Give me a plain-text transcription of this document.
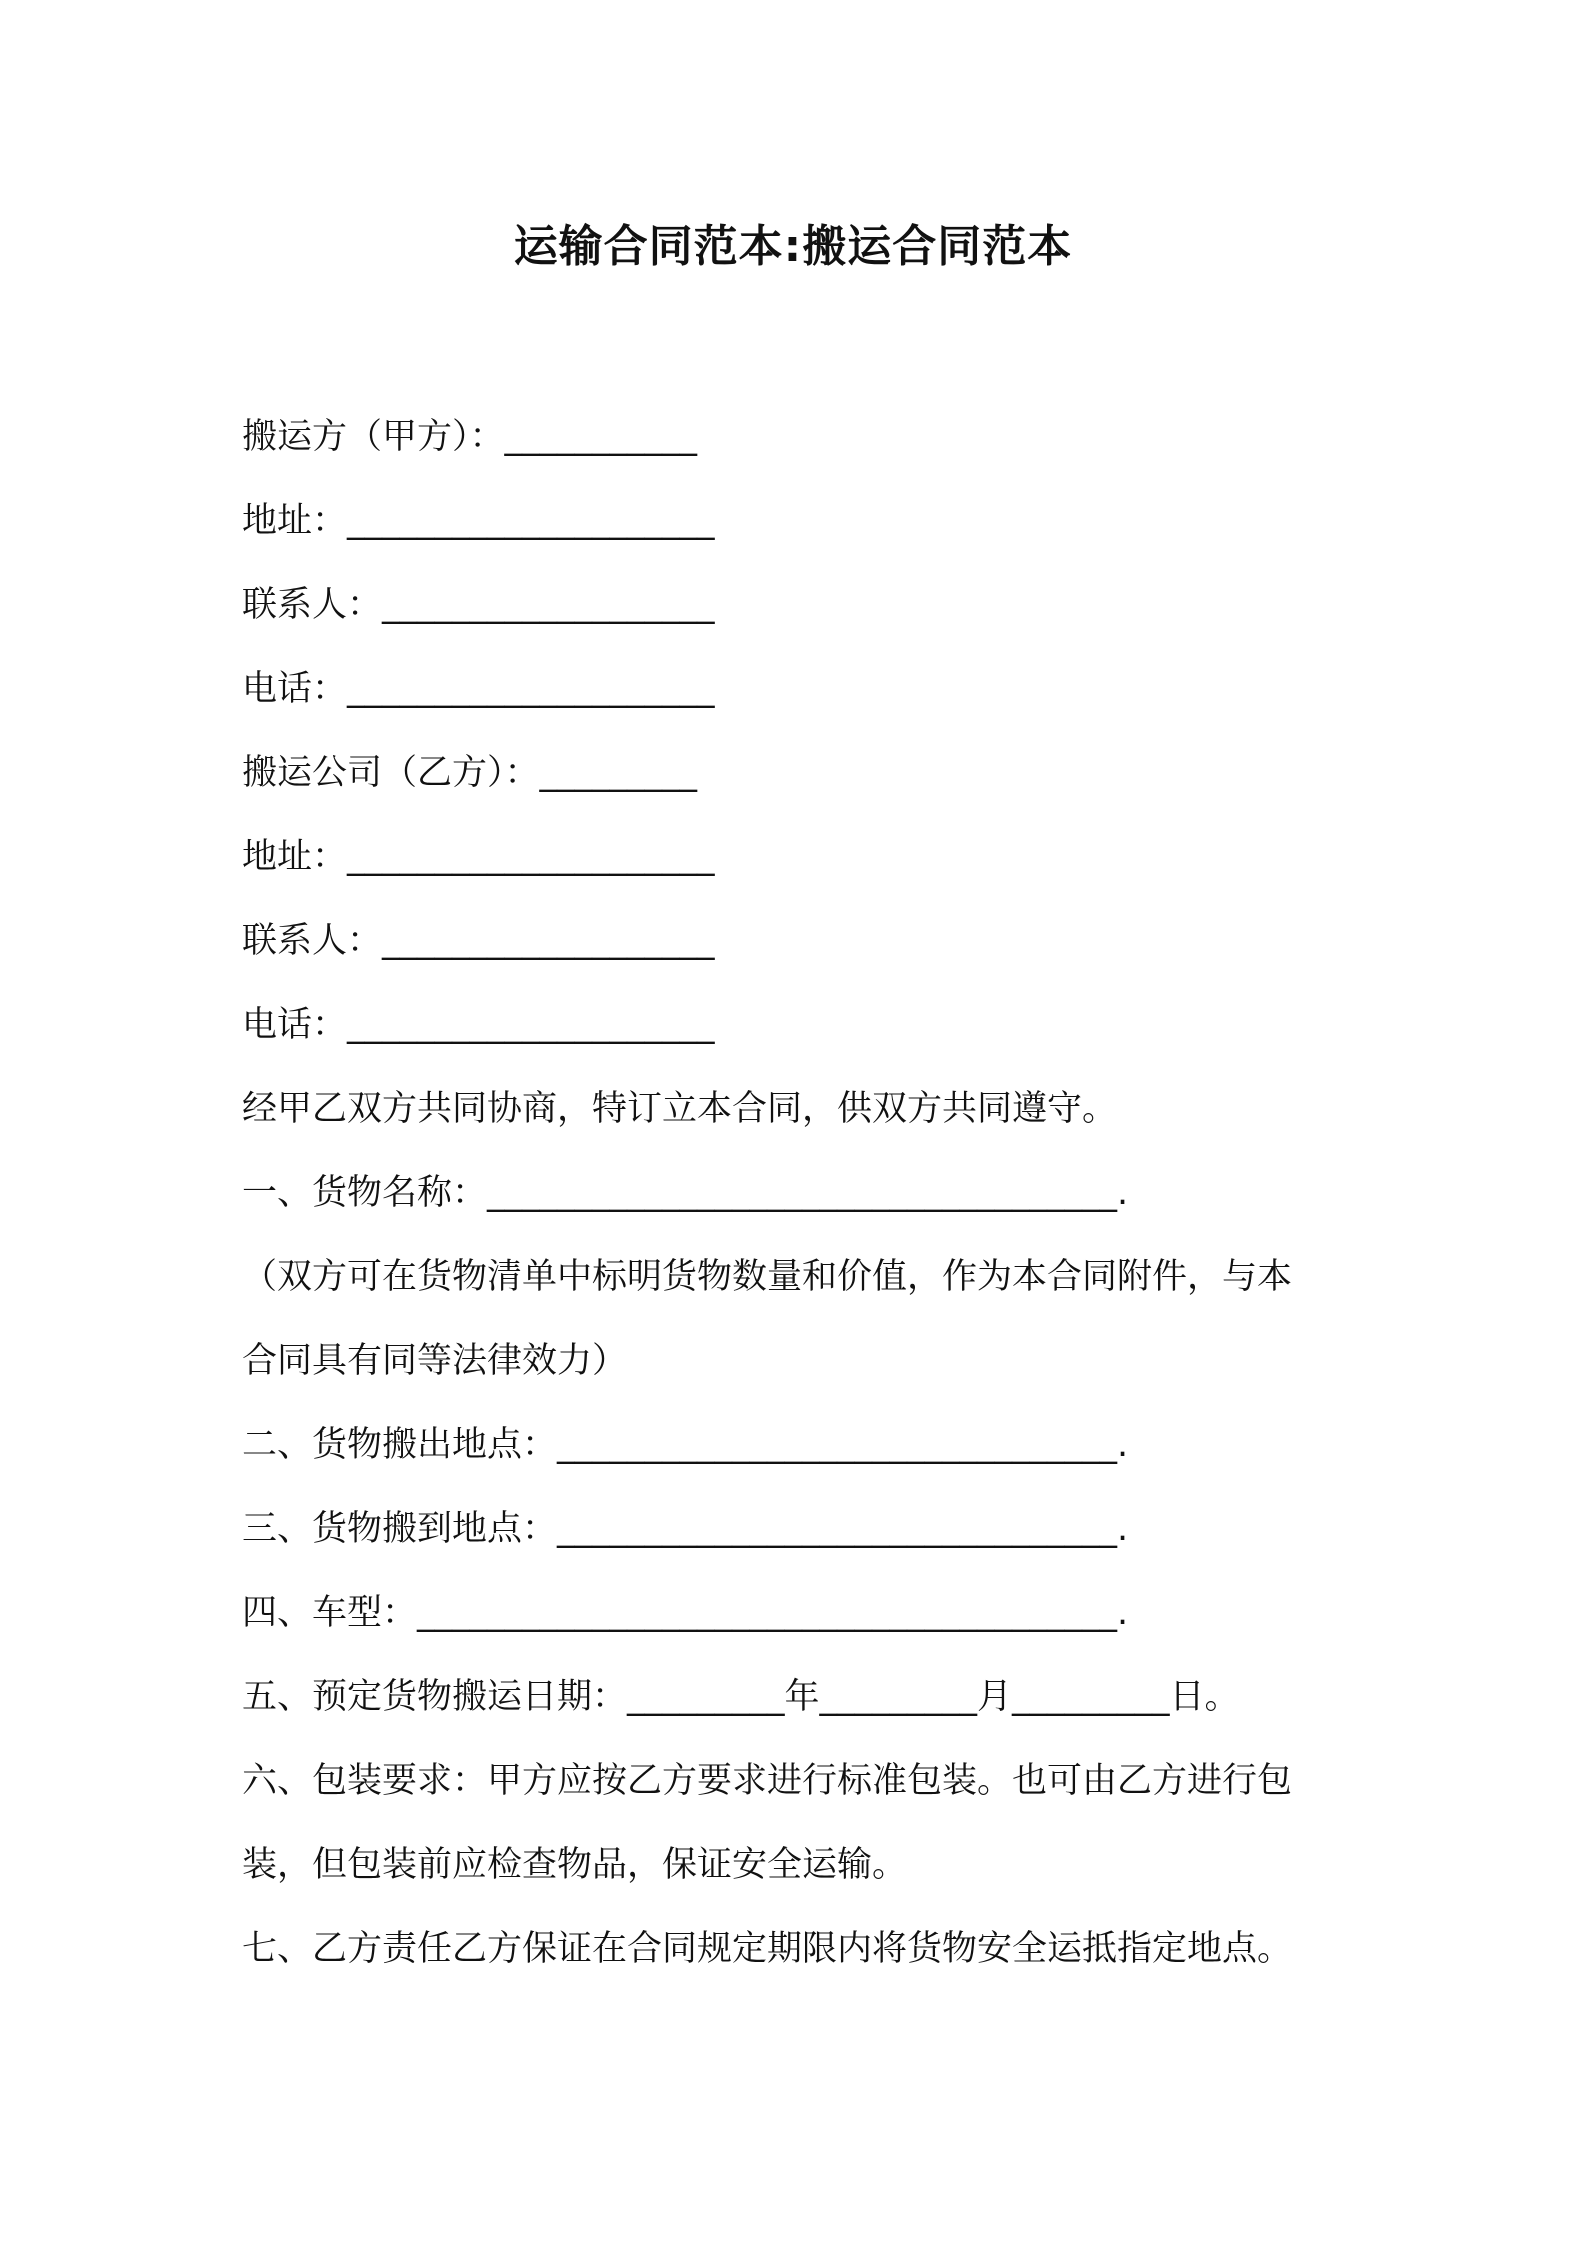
运输合同范本:搬运合同范本
搬运方（甲方）：___________
地址：_____________________
联系人：___________________
电话：_____________________
搬运公司（乙方）：_________
地址：_____________________
联系人：___________________
电话：_____________________
经甲乙双方共同协商，特订立本合同，供双方共同遵守。
一、货物名称：____________________________________.
（双方可在货物清单中标明货物数量和价值，作为本合同附件，与本
合同具有同等法律效力）
二、货物搬出地点：________________________________.
三、货物搬到地点：________________________________.
四、车型：________________________________________.
五、预定货物搬运日期：_________年_________月_________日。
六、包装要求：甲方应按乙方要求进行标准包装。也可由乙方进行包
装，但包装前应检查物品，保证安全运输。
七、乙方责任乙方保证在合同规定期限内将货物安全运抵指定地点。
